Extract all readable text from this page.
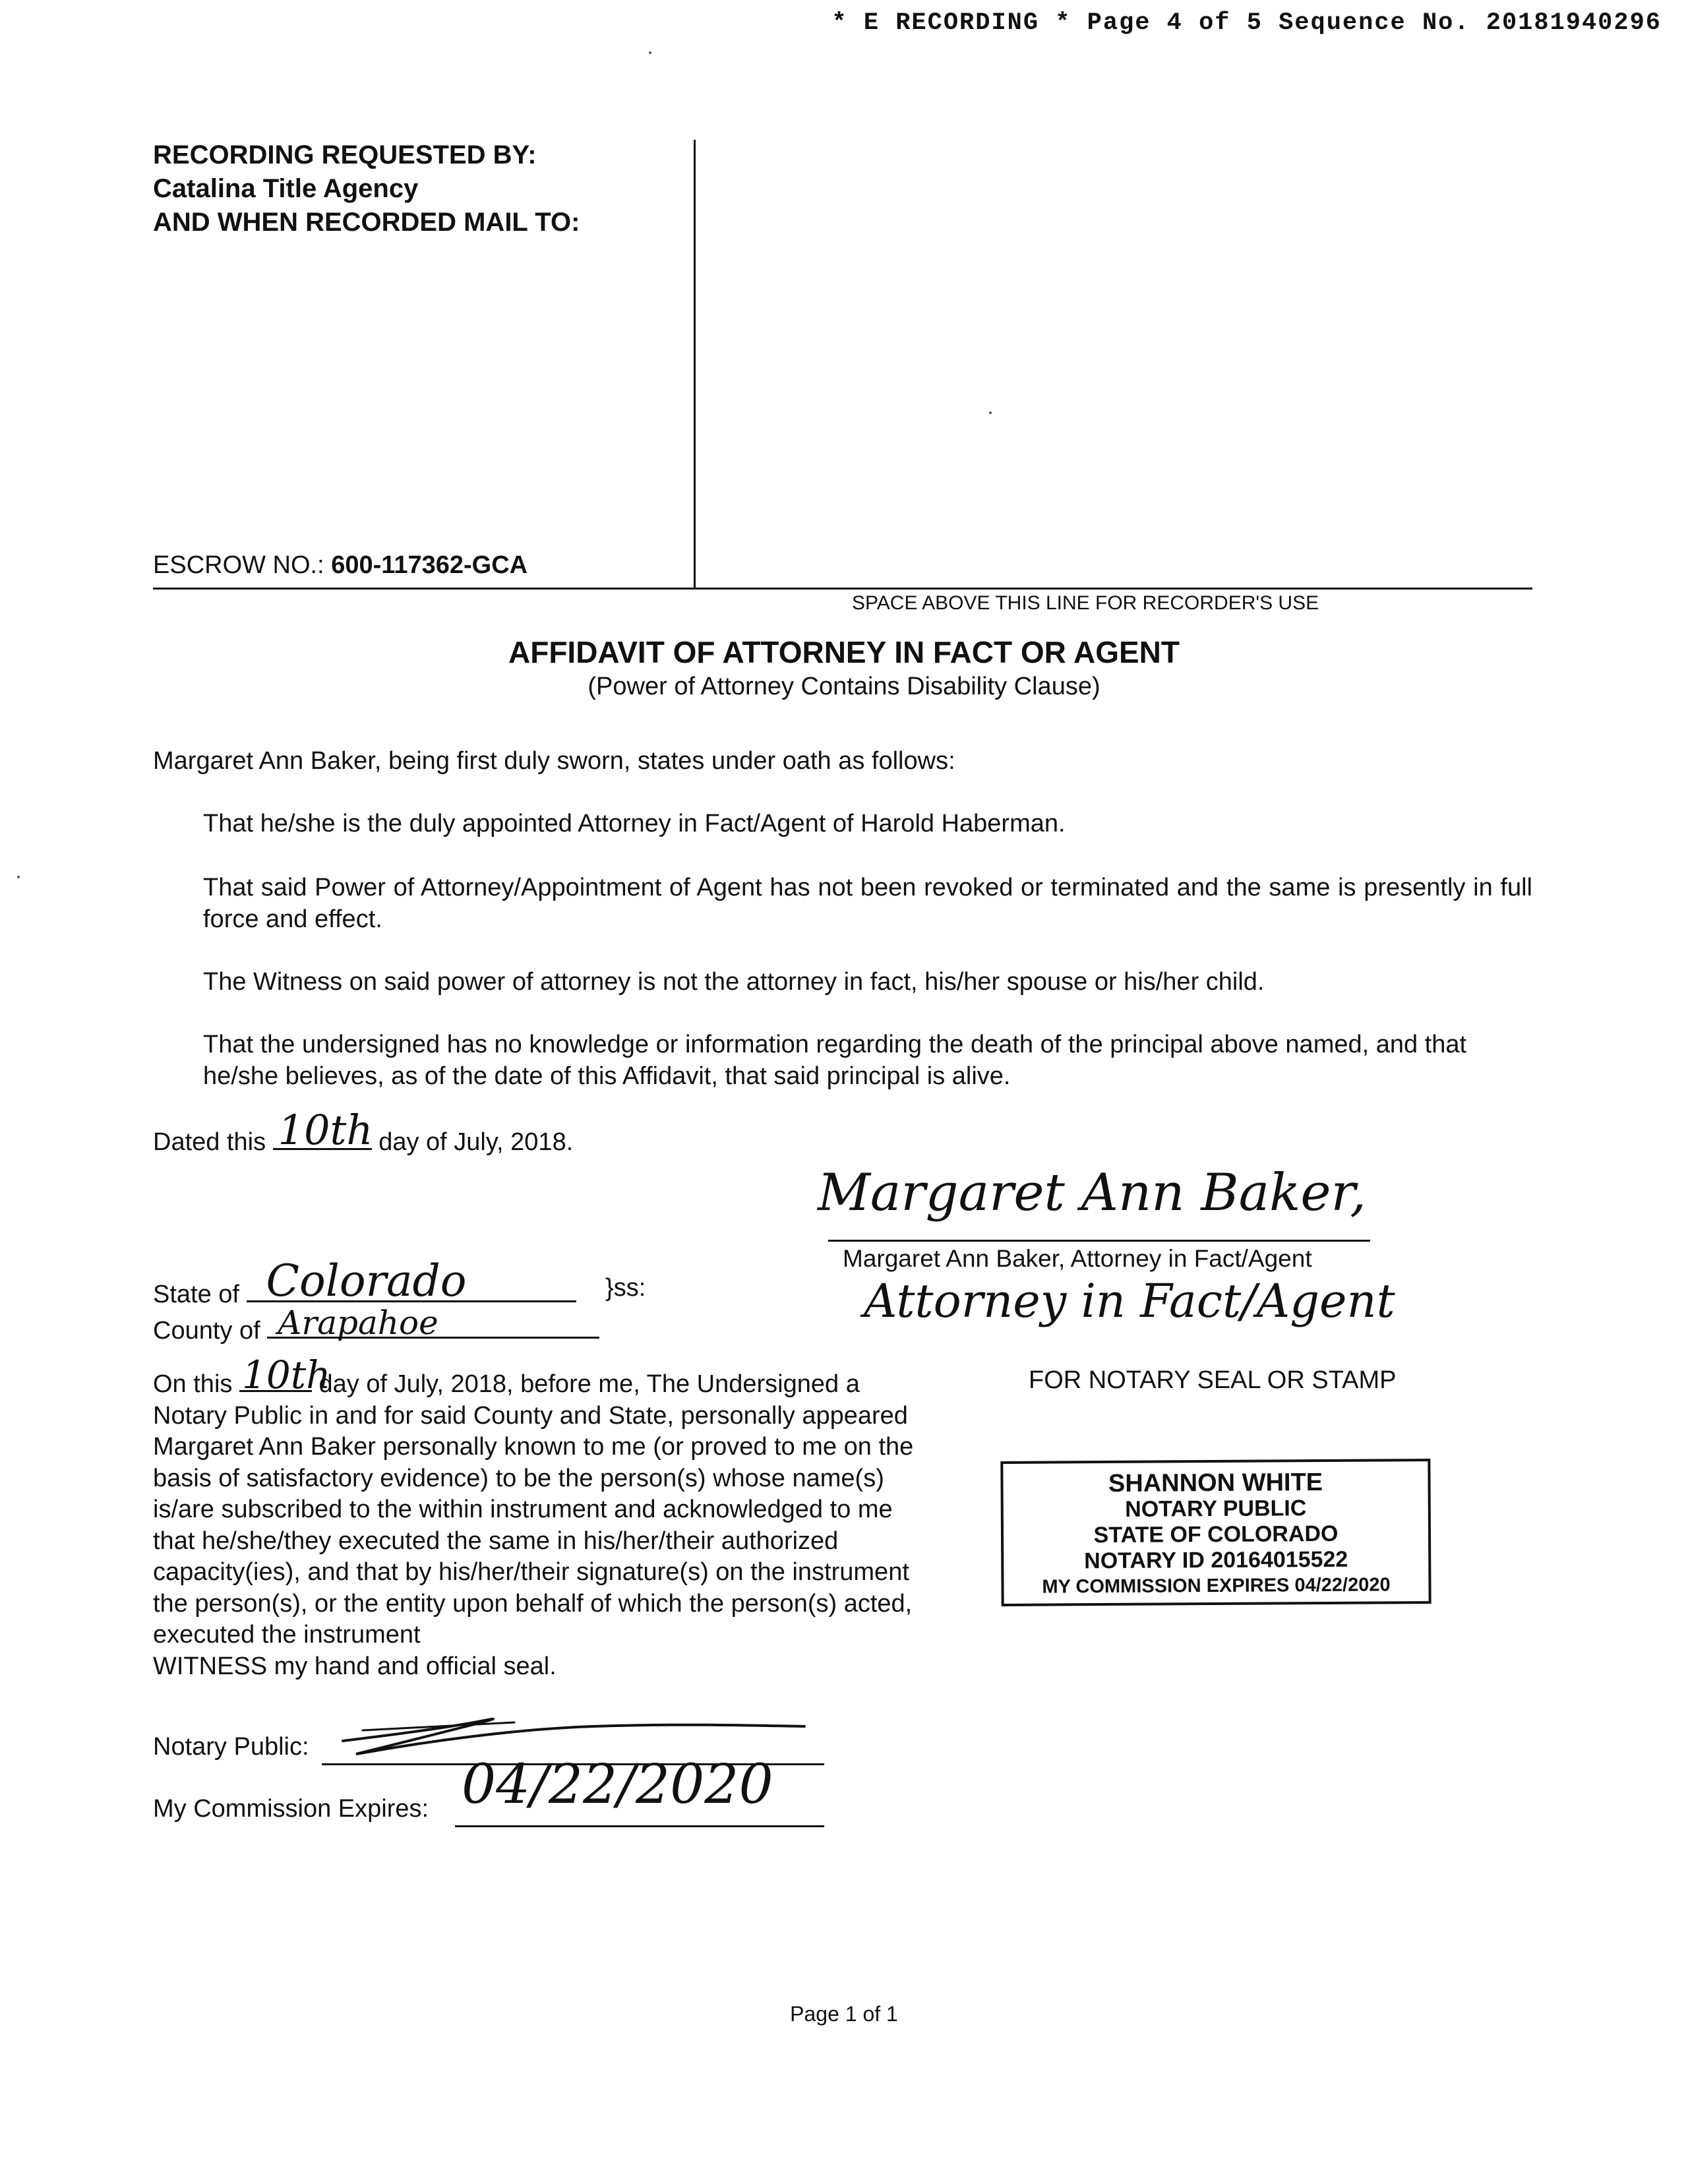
* E RECORDING * Page 4 of 5 Sequence No. 20181940296
RECORDING REQUESTED BY:
Catalina Title Agency
AND WHEN RECORDED MAIL TO:
ESCROW NO.: 600-117362-GCA
SPACE ABOVE THIS LINE FOR RECORDER'S USE
AFFIDAVIT OF ATTORNEY IN FACT OR AGENT
(Power of Attorney Contains Disability Clause)
Margaret Ann Baker, being first duly sworn, states under oath as follows:
That he/she is the duly appointed Attorney in Fact/Agent of Harold Haberman.
That said Power of Attorney/Appointment of Agent has not been revoked or terminated and the same is presently in full force and effect.
The Witness on said power of attorney is not the attorney in fact, his/her spouse or his/her child.
That the undersigned has no knowledge or information regarding the death of the principal above named, and that he/she believes, as of the date of this Affidavit, that said principal is alive.
Dated this 10th day of July, 2018.
Margaret Ann Baker,
Margaret Ann Baker, Attorney in Fact/Agent
Attorney in Fact/Agent
State of Colorado
County of Arapahoe
}ss:
On this 10th
day of July, 2018, before me, The Undersigned a Notary Public in and for said County and State, personally appeared Margaret Ann Baker personally known to me (or proved to me on the basis of satisfactory evidence) to be the person(s) whose name(s) is/are subscribed to the within instrument and acknowledged to me that he/she/they executed the same in his/her/their authorized capacity(ies), and that by his/her/their signature(s) on the instrument the person(s), or the entity upon behalf of which the person(s) acted, executed the instrument
WITNESS my hand and official seal.
FOR NOTARY SEAL OR STAMP
SHANNON WHITE
NOTARY PUBLIC
STATE OF COLORADO
NOTARY ID 20164015522
MY COMMISSION EXPIRES 04/22/2020
Notary Public:
My Commission Expires: 04/22/2020
Page 1 of 1
